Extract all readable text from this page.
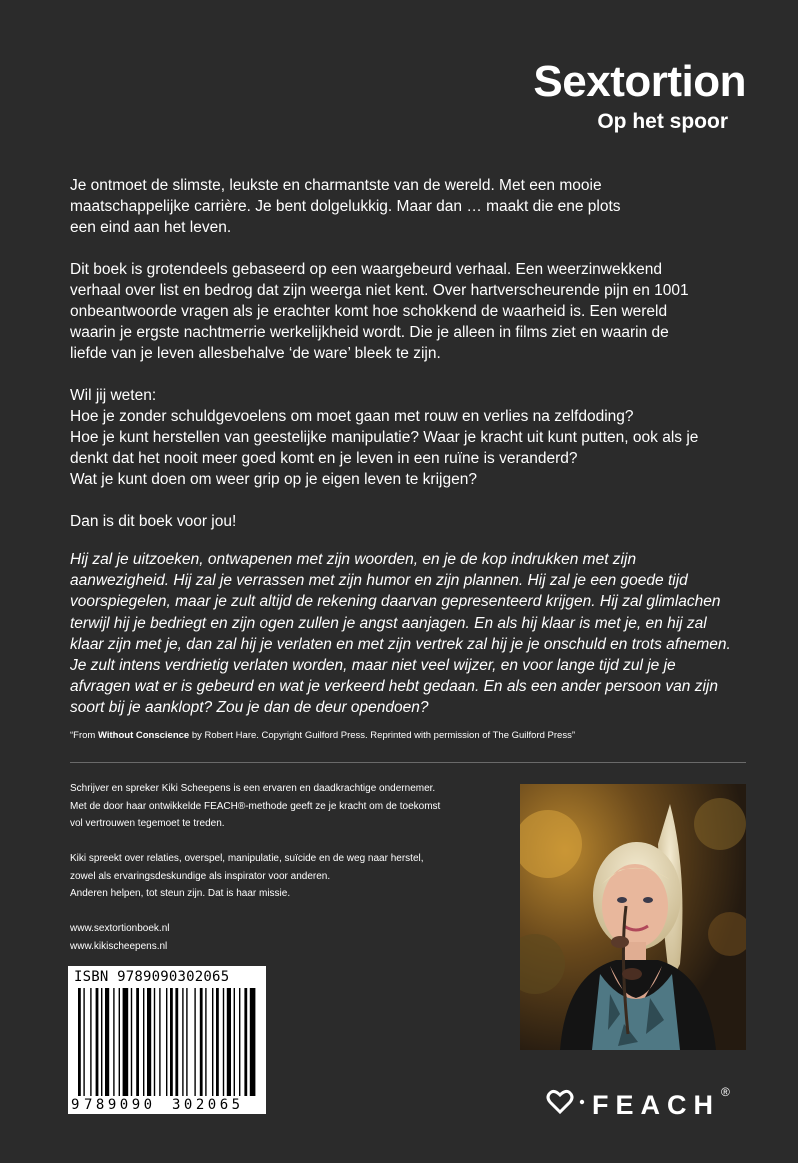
Sextortion
Op het spoor

Je ontmoet de slimste, leukste en charmantste van de wereld. Met een mooie
maatschappelijke carrière. Je bent dolgelukkig. Maar dan … maakt die ene plots
een eind aan het leven.

Dit boek is grotendeels gebaseerd op een waargebeurd verhaal. Een weerzinwekkend
verhaal over list en bedrog dat zijn weerga niet kent. Over hartverscheurende pijn en 1001
onbeantwoorde vragen als je erachter komt hoe schokkend de waarheid is. Een wereld
waarin je ergste nachtmerrie werkelijkheid wordt. Die je alleen in films ziet en waarin de
liefde van je leven allesbehalve ‘de ware’ bleek te zijn.

Wil jij weten:
Hoe je zonder schuldgevoelens om moet gaan met rouw en verlies na zelfdoding?
Hoe je kunt herstellen van geestelijke manipulatie? Waar je kracht uit kunt putten, ook als je
denkt dat het nooit meer goed komt en je leven in een ruïne is veranderd?
Wat je kunt doen om weer grip op je eigen leven te krijgen?

Dan is dit boek voor jou!

Hij zal je uitzoeken, ontwapenen met zijn woorden, en je de kop indrukken met zijn aanwezigheid. Hij zal je verrassen met zijn humor en zijn plannen. Hij zal je een goede tijd voorspiegelen, maar je zult altijd de rekening daarvan gepresenteerd krijgen. Hij zal glimlachen terwijl hij je bedriegt en zijn ogen zullen je angst aanjagen. En als hij klaar is met je, en hij zal klaar zijn met je, dan zal hij je verlaten en met zijn vertrek zal hij je je onschuld en trots afnemen. Je zult intens verdrietig verlaten worden, maar niet veel wijzer, en voor lange tijd zul je je afvragen wat er is gebeurd en wat je verkeerd hebt gedaan. En als een ander persoon van zijn soort bij je aanklopt? Zou je dan de deur opendoen?

“From Without Conscience by Robert Hare. Copyright Guilford Press. Reprinted with permission of The Guilford Press”

Schrijver en spreker Kiki Scheepens is een ervaren en daadkrachtige ondernemer.
Met de door haar ontwikkelde FEACH®-methode geeft ze je kracht om de toekomst
vol vertrouwen tegemoet te treden.

Kiki spreekt over relaties, overspel, manipulatie, suïcide en de weg naar herstel,
zowel als ervaringsdeskundige als inspirator voor anderen.
Anderen helpen, tot steun zijn. Dat is haar missie.

www.sextortionboek.nl
www.kikischeepens.nl

ISBN 9789090302065
9 789090 302065	FEACH ®
